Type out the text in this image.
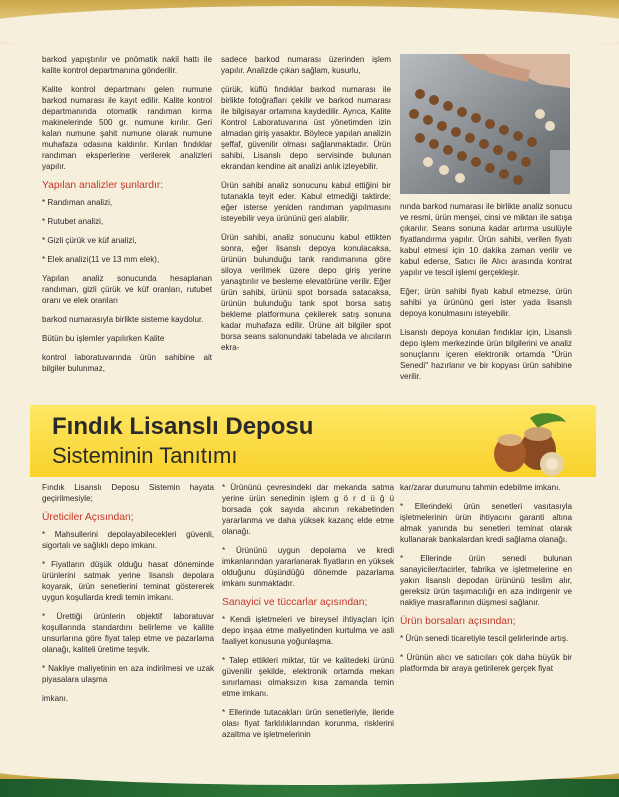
barkod yapıştırılır ve pnömatik nakil hattı ile kalite kontrol departmanına gönderilir.

Kalite kontrol departmanı gelen numune barkod numarası ile kayıt edilir. Kalite kontrol departmanında otomatik randıman kırma makinelerinde 500 gr. numune kırılır. Geri kalan numune şahit numune olarak numune muhafaza odasına kaldırılır. Kırılan fındıklar randıman eksperlerine verilerek analizleri yapılır.

Yapılan analizler şunlardır:
* Randıman analizi,
* Rutubet analizi,
* Gizli çürük ve küf analizi,
* Elek analizi(11 ve 13 mm elek),

Yapılan analiz sonucunda hesaplanan randıman, gizli çürük ve küf oranları, rutubet oranı ve elek oranları

barkod numarasıyla birlikte sisteme kaydolur.

Bütün bu işlemler yapılırken Kalite

kontrol laboratuvarında ürün sahibine ait bilgiler bulunmaz,

sadece barkod numarası üzerinden işlem yapılır. Analizde çıkan sağlam, kusurlu,

çürük, küflü fındıklar barkod numarası ile birlikte fotoğrafları çekilir ve barkod numarası ile bilgisayar ortamına kaydedilir. Ayrıca, Kalite Kontrol Laboratuvarına üst yönetimden izin almadan giriş yasaktır. Böylece yapılan analizin şeffaf, güvenilir olması sağlanmaktadır. Ürün sahibi, Lisanslı depo servisinde bulunan ekrandan kendine ait analizi anlık izleyebilir.

Ürün sahibi analiz sonucunu kabul ettiğini bir tutanakla teyit eder. Kabul etmediği taktirde; eğer isterse yeniden randıman yapılmasını isteyebilir veya ürününü geri alabilir.

Ürün sahibi, analiz sonucunu kabul ettikten sonra, eğer lisanslı depoya konulacaksa, ürünün bulunduğu tank randımanına göre siloya verilmek üzere depo giriş yerine yanaştırılır ve besleme elevatörüne verilir. Eğer ürün sahibi, ürünü spot borsada satacaksa, ürünün bulunduğu tank spot borsa satış bekleme platformuna çekilerek satış sonuna kadar muhafaza edilir. Ürüne ait bilgiler spot borsa seans salonundaki tabelada ve alıcıların ekra-

nında barkod numarası ile birlikte analiz sonucu ve resmi, ürün menşei, cinsi ve miktarı ile satışa çıkarılır. Seans sonuna kadar artırma usulüyle fiyatlandırma yapılır. Ürün sahibi, verilen fiyatı kabul etmesi için 10 dakika zaman verilir ve kabul ederse, Satıcı ile Alıcı arasında kontrat yapılır ve tescil işlemi gerçekleşir.

Eğer; ürün sahibi fiyatı kabul etmezse, ürün sahibi ya ürününü geri ister yada lisanslı depoya konulmasını isteyebilir.

Lisanslı depoya konulan fındıklar için, Lisanslı depo işlem merkezinde ürün bilgilerini ve analiz sonuçlarını içeren elektronik ortamda "Ürün Senedi" hazırlanır ve bir kopyası ürün sahibine verilir.

Fındık Lisanslı Deposu
Sisteminin Tanıtımı

Fındık Lisanslı Deposu Sistemin hayata geçirilmesiyle;

Üreticiler Açısından;

* Mahsullerini depolayabilecekleri güvenli, sigortalı ve sağlıklı depo imkanı.

* Fiyatların düşük olduğu hasat döneminde ürünlerini satmak yerine lisanslı depolara koyarak, ürün senetlerini teminat göstererek uygun koşullarda kredi temin imkanı.

* Ürettiği ürünlerin objektif laboratuvar koşullarında standardını belirleme ve kaliite unsurlarına göre fiyat talep etme ve pazarlama olanağı, kaliteli üretime teşvik.

* Nakliye maliyetinin en aza indirilmesi ve uzak piyasalara ulaşma

imkanı.

* Ürününü çevresindeki dar mekanda satma yerine ürün senedinin işlem g ö r d ü ğ ü borsada çok sayıda alıcının rekabetinden yararlanma ve daha yüksek kazanç elde etme olanağı.

* Ürününü uygun depolama ve kredi imkanlarından yararlanarak fiyatların en yüksek olduğunu düşündüğü dönemde pazarlama imkanı sunmaktadır.

Sanayici ve tüccarlar açısından;

* Kendi işletmeleri ve bireysel ihtiyaçları için depo inşaa etme maliyetinden kurtulma ve asli faaliyet konusuna yoğunlaşma.

* Talep ettikleri miktar, tür ve kalitedeki ürünü güvenilir şekilde, elektronik ortamda mekan sınırlaması olmaksızın kısa zamanda temin etme imkanı.

* Ellerinde tutacakları ürün senetleriyle, ileride olası fiyat farklılıklarından korunma, risklerini azaltma ve işletmelerinin

kar/zarar durumunu tahmin edebilme imkanı.

* Ellerindeki ürün senetleri vasıtasıyla işletmelerinin ürün ihtiyacını garanti altına almak yanında bu senetleri teminat olarak kullanarak bankalardan kredi sağlama olanağı.

* Ellerinde ürün senedi bulunan sanayiciler/tacirler, fabrika ve işletmelerine en yakın lisanslı depodan ürününü teslim alır, gereksiz ürün taşımacılığı en aza indirgenir ve nakliye masraflarının düşmesi sağlanır.

Ürün borsaları açısından;

* Ürün senedi ticaretiyle tescil gelirlerinde artış.

* Ürünün alıcı ve satıcıları çok daha büyük bir platformda bir araya getirilerek gerçek fiyat
